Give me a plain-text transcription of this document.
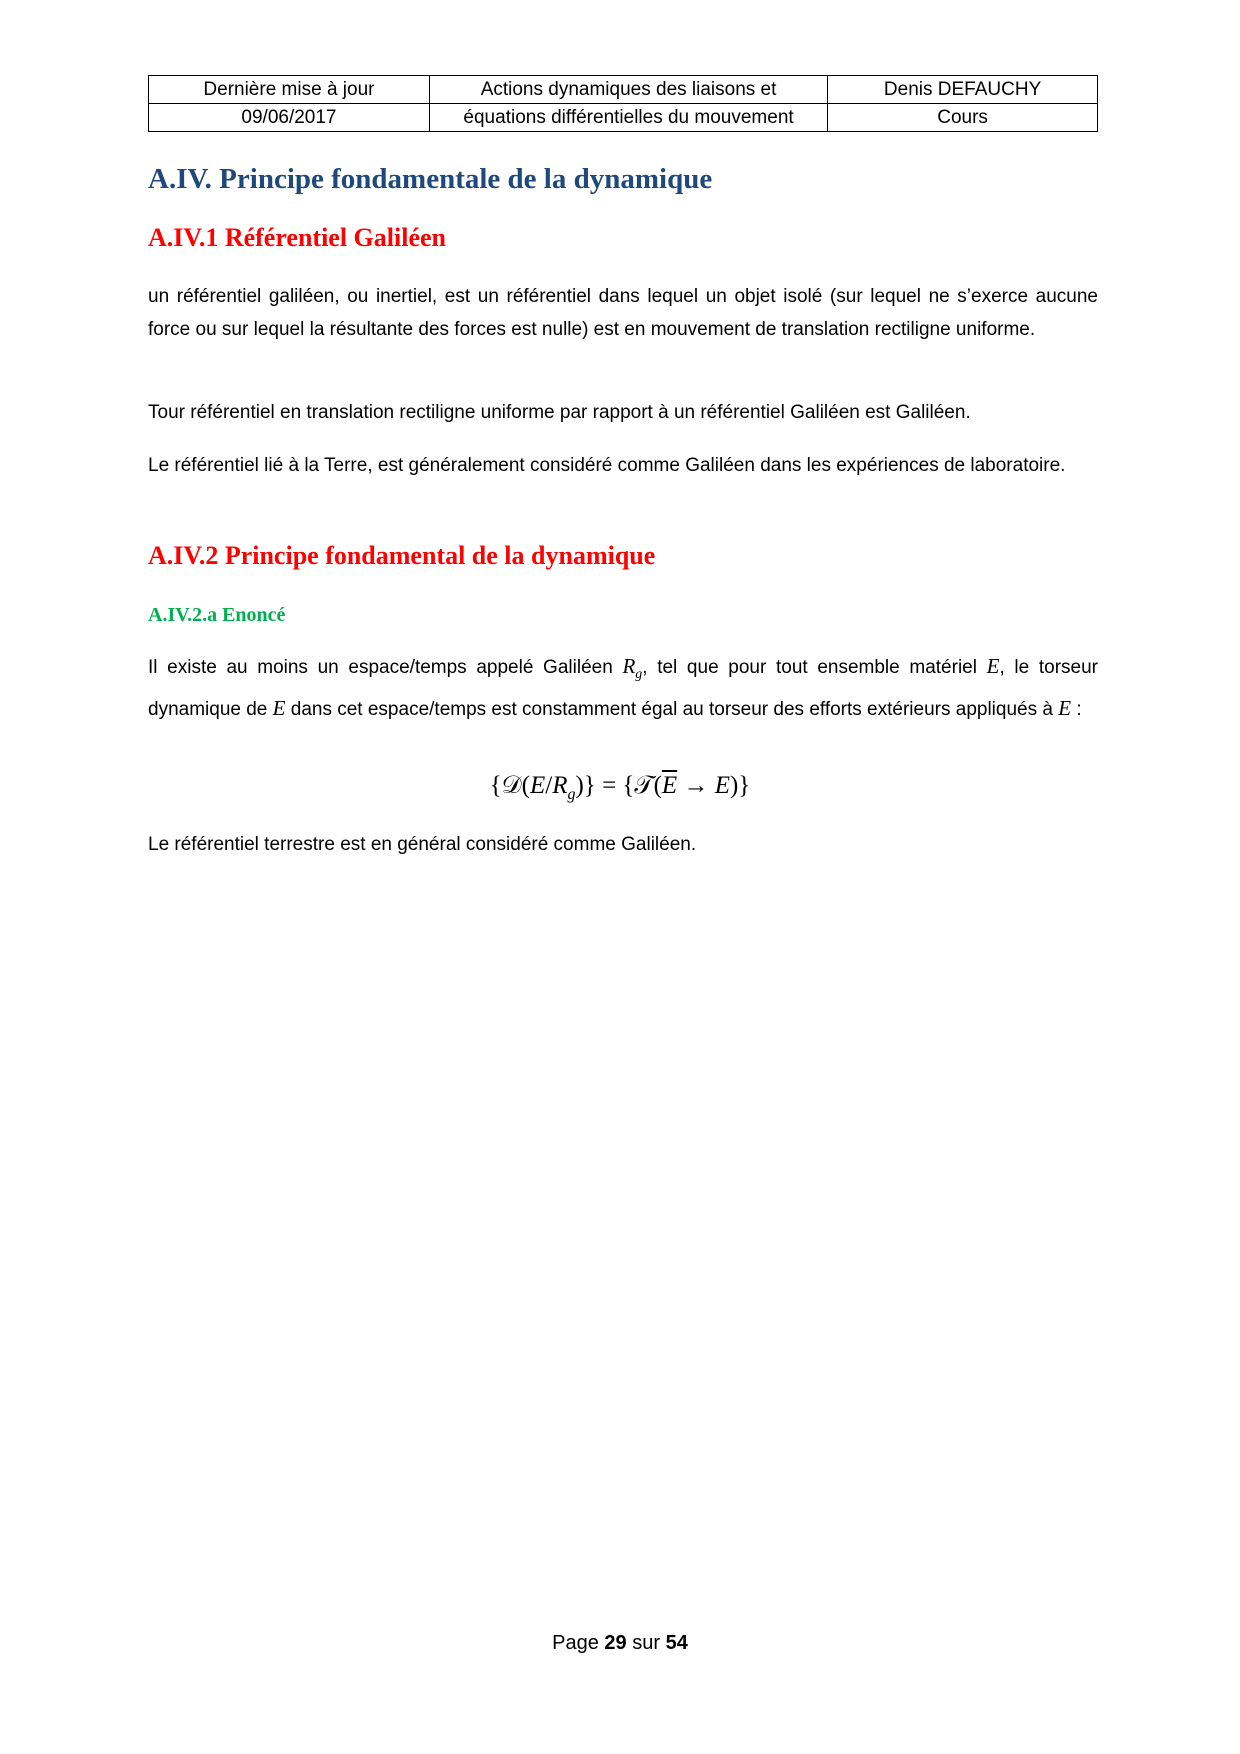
Dernière mise à jour	Actions dynamiques des liaisons et	Denis DEFAUCHY
09/06/2017	équations différentielles du mouvement	Cours
A.IV. Principe fondamentale de la dynamique
A.IV.1 Référentiel Galiléen
un référentiel galiléen, ou inertiel, est un référentiel dans lequel un objet isolé (sur lequel ne s’exerce aucune force ou sur lequel la résultante des forces est nulle) est en mouvement de translation rectiligne uniforme.
Tour référentiel en translation rectiligne uniforme par rapport à un référentiel Galiléen est Galiléen.
Le référentiel lié à la Terre, est généralement considéré comme Galiléen dans les expériences de laboratoire.
A.IV.2 Principe fondamental de la dynamique
A.IV.2.a Enoncé
Il existe au moins un espace/temps appelé Galiléen $R_g$, tel que pour tout ensemble matériel E, le torseur dynamique de E dans cet espace/temps est constamment égal au torseur des efforts extérieurs appliqués à E :
$\{𝒟(E/R_g)\}$ = $\{𝒯(\overline{E} \to E)\}$
Le référentiel terrestre est en général considéré comme Galiléen.
Page 29 sur 54
